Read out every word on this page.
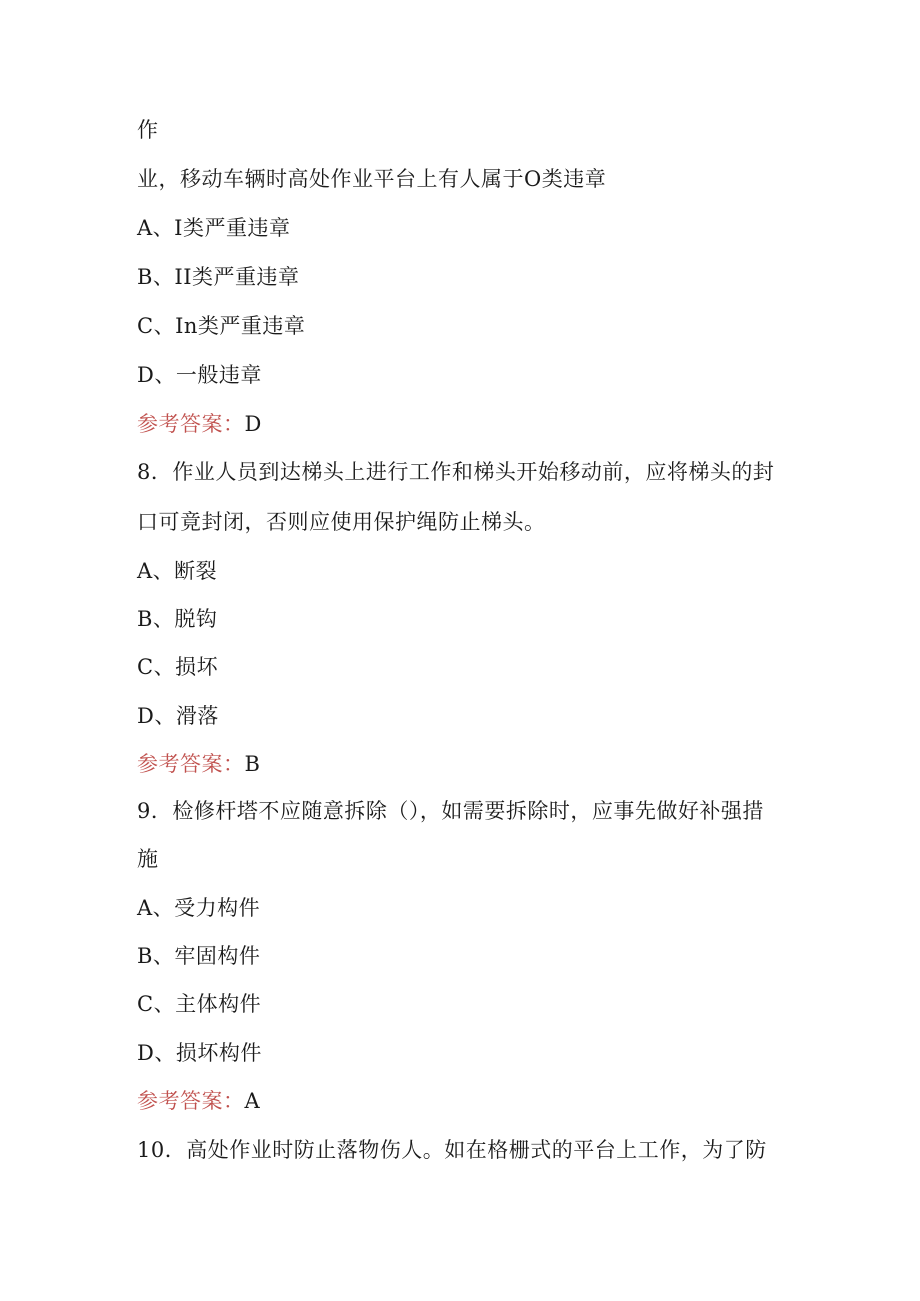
作
业，移动车辆时高处作业平台上有人属于O类违章
A、I类严重违章
B、II类严重违章
C、In类严重违章
D、一般违章
参考答案：D
8．作业人员到达梯头上进行工作和梯头开始移动前，应将梯头的封
口可竟封闭，否则应使用保护绳防止梯头。
A、断裂
B、脱钩
C、损坏
D、滑落
参考答案：B
9．检修杆塔不应随意拆除（），如需要拆除时，应事先做好补强措
施
A、受力构件
B、牢固构件
C、主体构件
D、损坏构件
参考答案：A
10．高处作业时防止落物伤人。如在格栅式的平台上工作，为了防
